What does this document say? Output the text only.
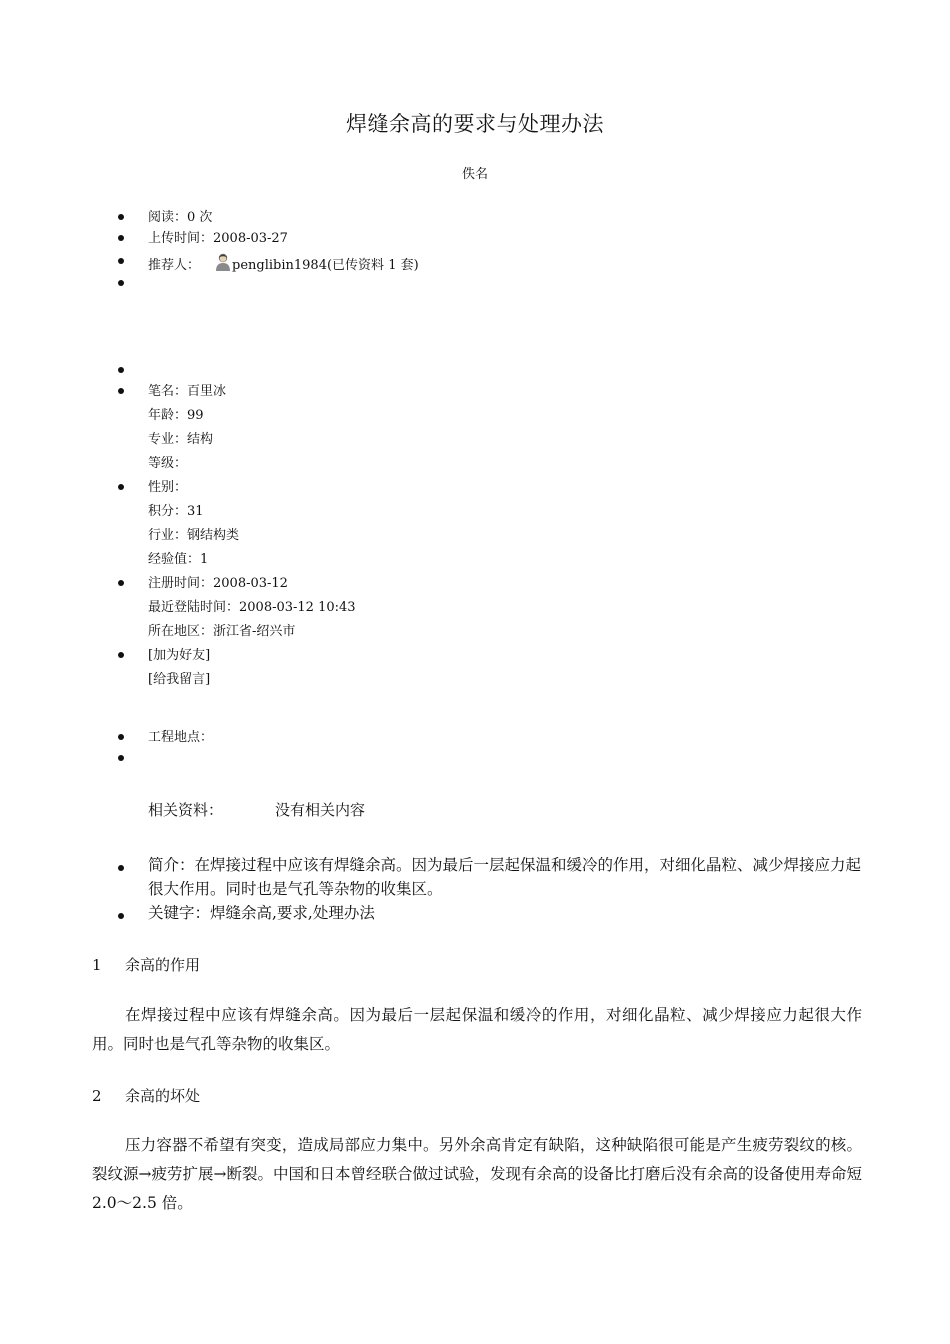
焊缝余高的要求与处理办法
佚名
阅读：0 次
上传时间：2008-03-27
推荐人： penglibin1984(已传资料 1 套)
笔名：百里冰
年龄：99
专业：结构
等级：
性别：
积分：31
行业：钢结构类
经验值：1
注册时间：2008-03-12
最近登陆时间：2008-03-12 10:43
所在地区：浙江省-绍兴市
[加为好友]
[给我留言]
工程地点：
相关资料：	没有相关内容
简介：在焊接过程中应该有焊缝余高。因为最后一层起保温和缓冷的作用，对细化晶粒、减少焊接应力起很大作用。同时也是气孔等杂物的收集区。
关键字：焊缝余高,要求,处理办法
1 余高的作用
在焊接过程中应该有焊缝余高。因为最后一层起保温和缓冷的作用，对细化晶粒、减少焊接应力起很大作用。同时也是气孔等杂物的收集区。
2 余高的坏处
压力容器不希望有突变，造成局部应力集中。另外余高肯定有缺陷，这种缺陷很可能是产生疲劳裂纹的核。裂纹源→疲劳扩展→断裂。中国和日本曾经联合做过试验，发现有余高的设备比打磨后没有余高的设备使用寿命短 2.0～2.5 倍。
